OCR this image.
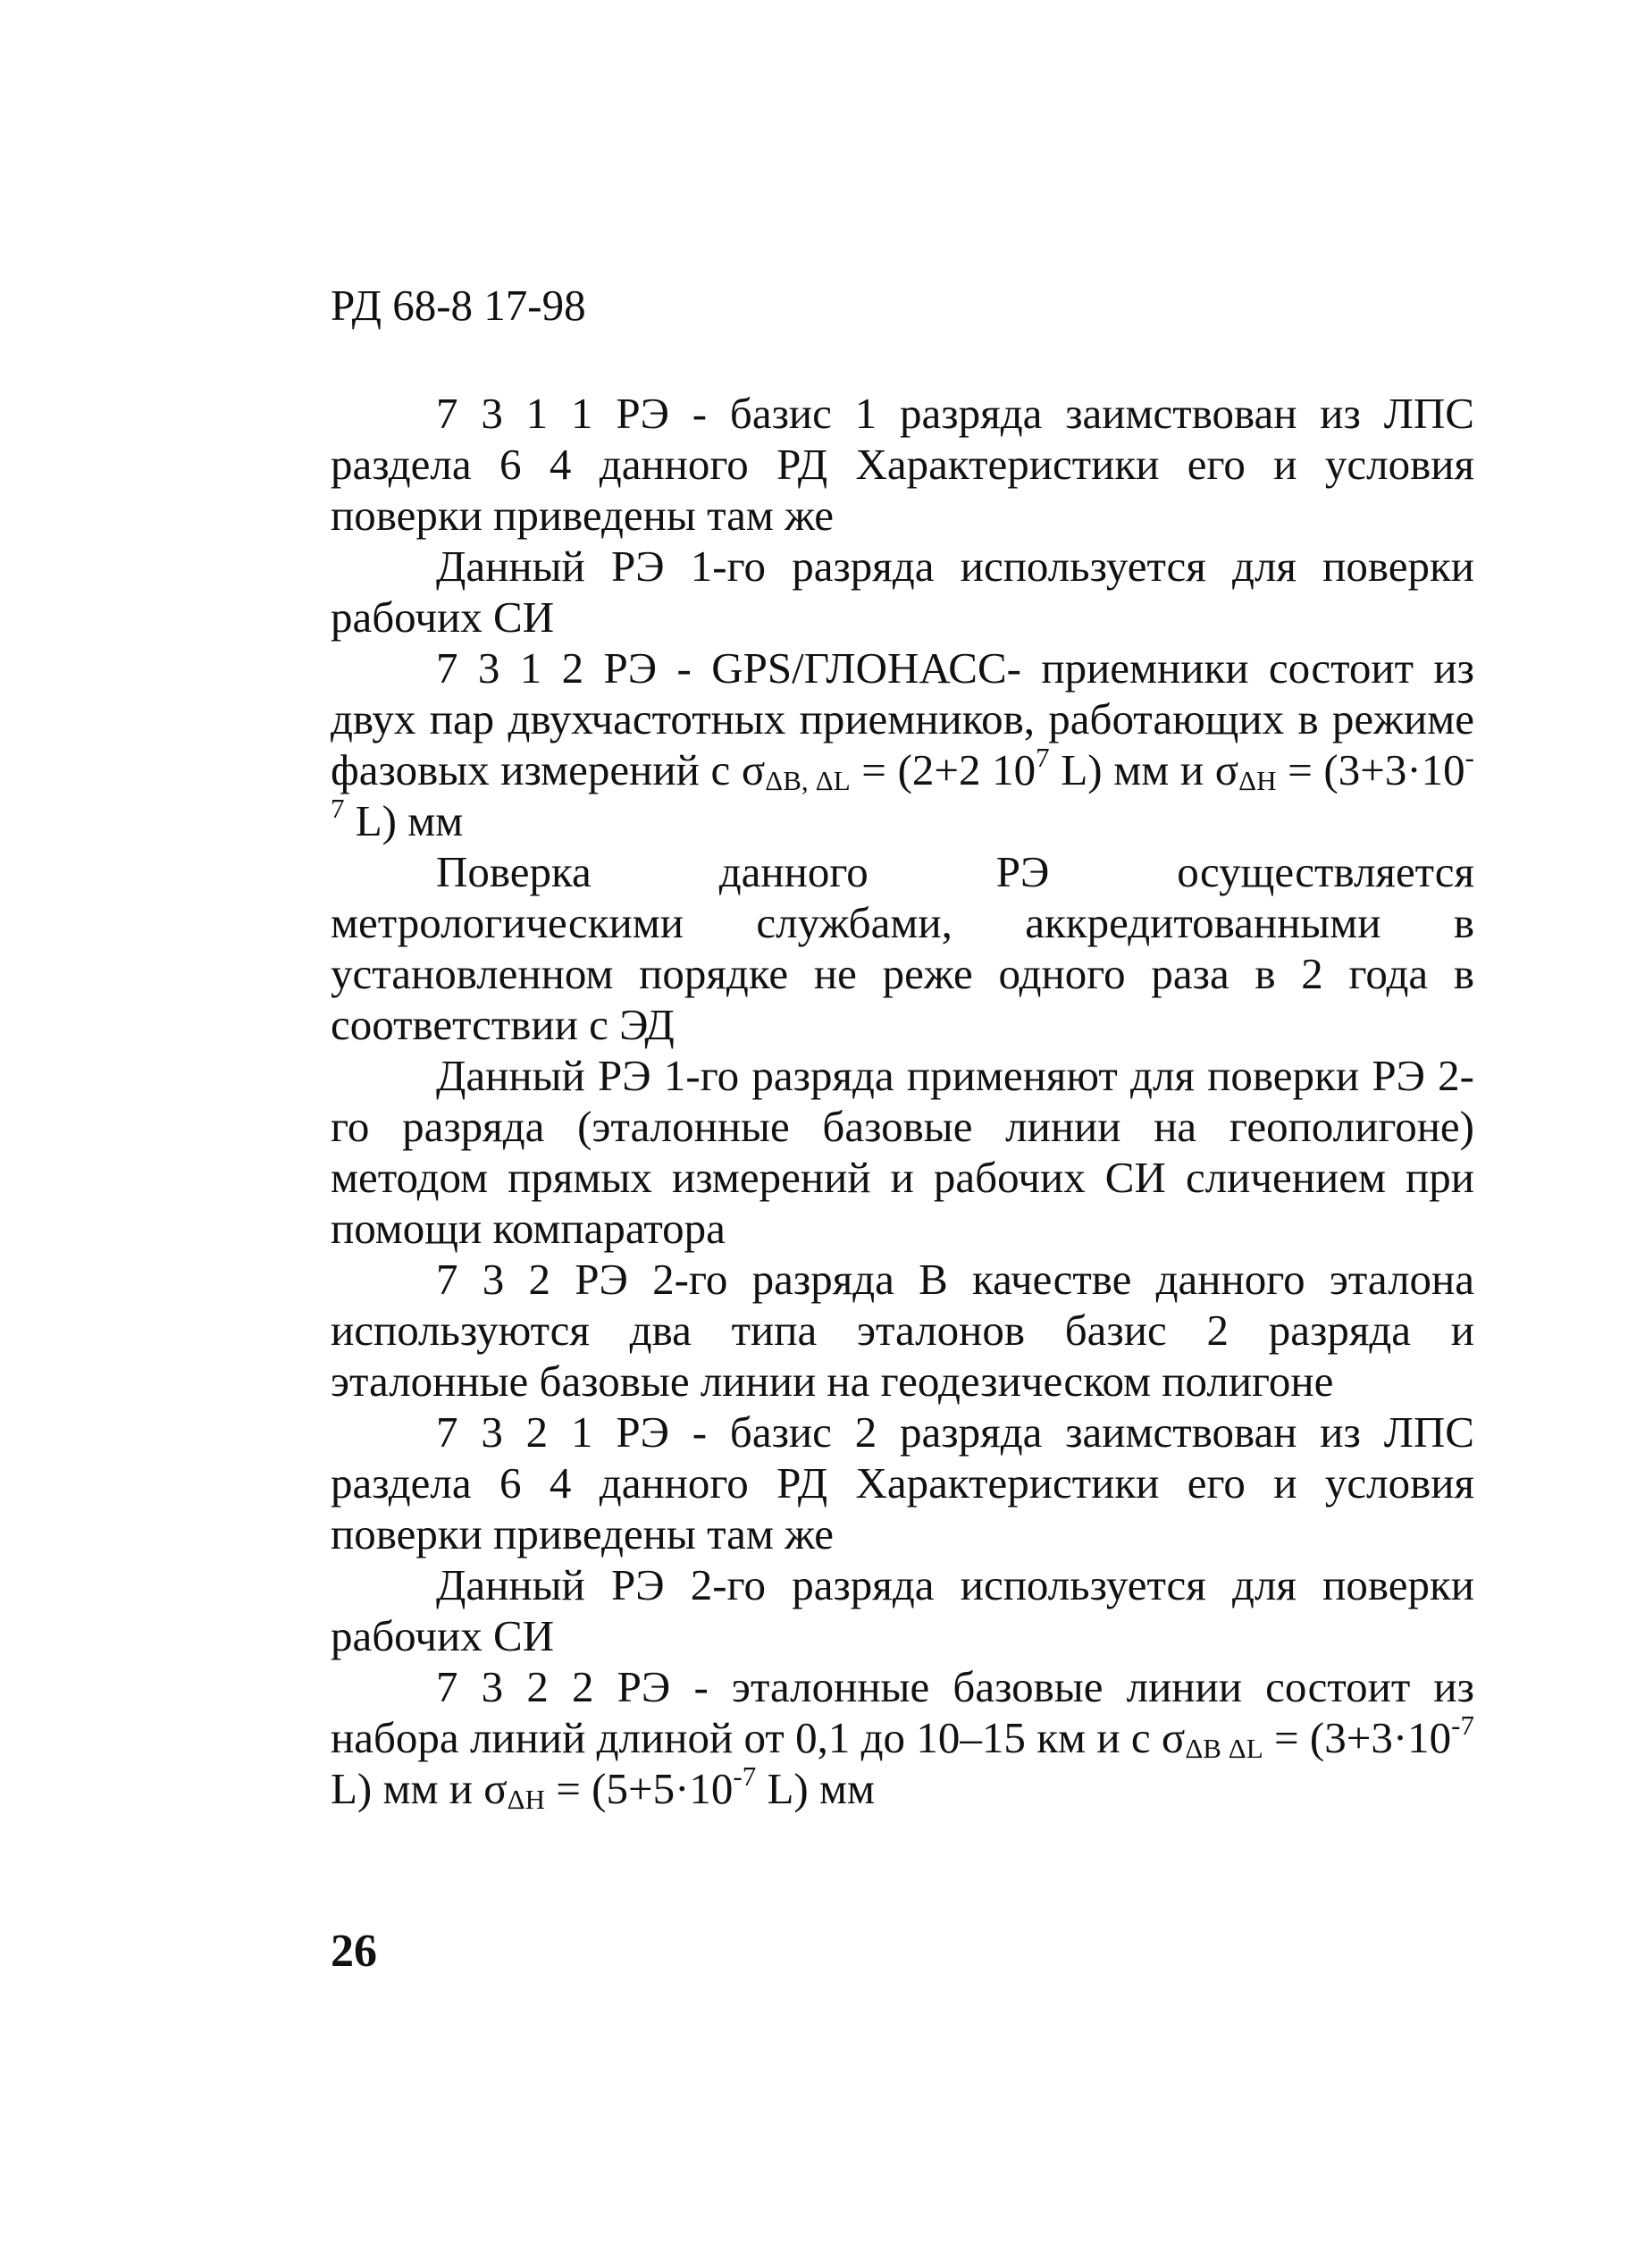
РД 68-8 17-98

7 3 1 1 РЭ - базис 1 разряда заимствован из ЛПС раздела 6 4 данного РД Характеристики его и условия поверки приведены там же

Данный РЭ 1-го разряда используется для поверки рабочих СИ

7 3 1 2 РЭ - GPS/ГЛОНАСС- приемники состоит из двух пар двухчастотных приемников, работающих в режиме фазовых измерений с σΔB, ΔL = (2+2 $10^7$ L) мм и $\sigma\Delta H = (3+3\cdot 10^{-7}$ L) мм

Поверка данного РЭ осуществляется метрологическими службами, аккредитованными в установленном порядке не реже одного раза в 2 года в соответствии с ЭД

Данный РЭ 1-го разряда применяют для поверки РЭ 2-го разряда (эталонные базовые линии на геополигоне) методом прямых измерений и рабочих СИ сличением при помощи компаратора

7 3 2 РЭ 2-го разряда В качестве данного эталона используются два типа эталонов базис 2 разряда и эталонные базовые линии на геодезическом полигоне

7 3 2 1 РЭ - базис 2 разряда заимствован из ЛПС раздела 6 4 данного РД Характеристики его и условия поверки приведены там же

Данный РЭ 2-го разряда используется для поверки рабочих СИ

7 3 2 2 РЭ - эталонные базовые линии состоит из набора линий длиной от 0,1 до 10–15 км и с σΔB $\Delta L = (3+3\cdot 10^{-7}$ L) мм и $\sigma\Delta H = (5+5\cdot 10^{-7}$ L) мм

26
